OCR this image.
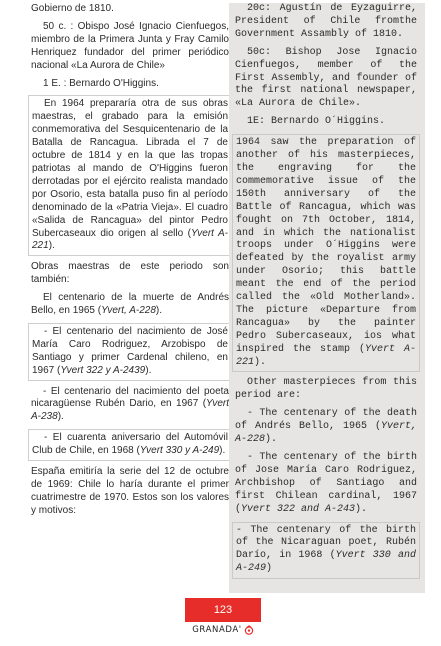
Gobierno de 1810.
50 c. : Obispo José Ignacio Cienfuegos, miembro de la Primera Junta y Fray Camilo Henriquez fundador del primer periódico nacional «La Aurora de Chile»
1 E. : Bernardo O'Higgins.
En 1964 prepararía otra de sus obras maestras, el grabado para la emisión conmemorativa del Sesquicentenario de la Batalla de Rancagua. Librada el 7 de octubre de 1814 y en la que las tropas patriotas al mando de O'Higgins fueron derrotadas por el ejército realista mandado por Osorio, esta batalla puso fin al período denominado de la «Patria Vieja». El cuadro «Salida de Rancagua» del pintor Pedro Subercaseaux dio origen al sello (Yvert A-221).
Obras maestras de este periodo son también:
El centenario de la muerte de Andrés Bello, en 1965 (Yvert, A-228).
- El centenario del nacimiento de José María Caro Rodriguez, Arzobispo de Santiago y primer Cardenal chileno, en 1967 (Yvert 322 y A-2439).
- El centenario del nacimiento del poeta nicaragüense Rubén Dario, en 1967 (Yvert A-238).
- El cuarenta aniversario del Automóvil Club de Chile, en 1968 (Yvert 330 y A-249).
España emitiría la serie del 12 de octubre de 1969: Chile lo haría durante el primer cuatrimestre de 1970. Estos son los valores y motivos:
20c: Agustín de Eyzaguirre, President of Chile fromthe Government Assambly of 1810.
50c: Bishop Jose Ignacio Cienfuegos, member of the First Assembly, and founder of the first national newspaper, «La Aurora de Chile».
1E: Bernardo O´Higgins.
1964 saw the preparation of another of his masterpieces, the engraving for the commemorative issue of the 150th anniversary of the Battle of Rancagua, which was fought on 7th October, 1814, and in which the nationalist troops under O´Higgins were defeated by the royalist army under Osorio; this battle meant the end of the period called the «Old Motherland». The picture «Departure from Rancagua» by the painter Pedro Subercaseaux, ios what inspired the stamp (Yvert A-221).
Other masterpieces from this period are:
- The centenary of the death of Andrés Bello, 1965 (Yvert, A-228).
- The centenary of the birth of Jose María Caro Rodriguez, Archbishop of Santiago and first Chilean cardinal, 1967 (Yvert 322 and A-243).
- The centenary of the birth of the Nicaraguan poet, Rubén Darío, in 1968 (Yvert 330 and A-249)
123
GRANADA'
